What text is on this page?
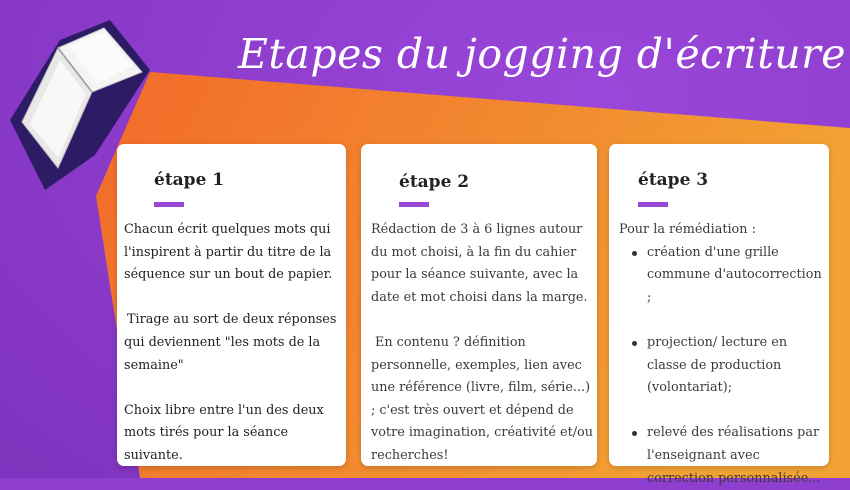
Etapes du jogging d'écriture
étape 1

Chacun écrit quelques mots qui l'inspirent à partir du titre de la séquence sur un bout de papier.

Tirage au sort de deux réponses qui deviennent "les mots de la semaine"

Choix libre entre l'un des deux mots tirés pour la séance suivante.

étape 2

Rédaction de 3 à 6 lignes autour du mot choisi, à la fin du cahier pour la séance suivante, avec la date et mot choisi dans la marge.

En contenu ? définition personnelle, exemples, lien avec une référence (livre, film, série...) ; c'est très ouvert et dépend de votre imagination, créativité et/ou recherches!

étape 3

Pour la rémédiation :

création d'une grille commune d'autocorrection ;
projection/ lecture en classe de production (volontariat);
relevé des réalisations par l'enseignant avec correction personnalisée...
